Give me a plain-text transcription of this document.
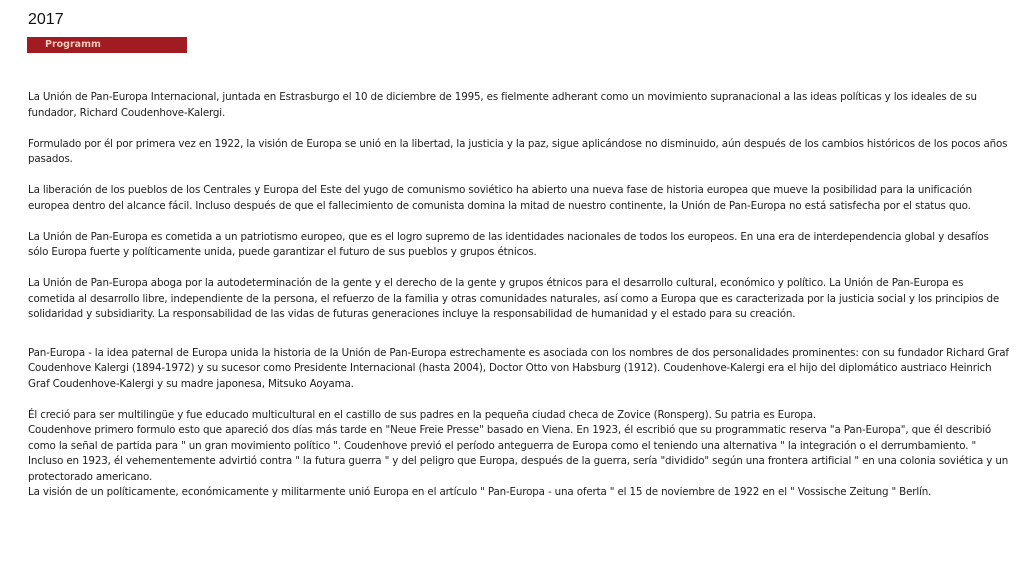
2017
Programm

La Unión de Pan-Europa Internacional, juntada en Estrasburgo el 10 de diciembre de 1995, es fielmente adherant como un movimiento supranacional a las ideas políticas y los ideales de su fundador, Richard Coudenhove-Kalergi.

Formulado por él por primera vez en 1922, la visión de Europa se unió en la libertad, la justicia y la paz, sigue aplicándose no disminuido, aún después de los cambios históricos de los pocos años pasados.

La liberación de los pueblos de los Centrales y Europa del Este del yugo de comunismo soviético ha abierto una nueva fase de historia europea que mueve la posibilidad para la unificación europea dentro del alcance fácil. Incluso después de que el fallecimiento de comunista domina la mitad de nuestro continente, la Unión de Pan-Europa no está satisfecha por el status quo.

La Unión de Pan-Europa es cometida a un patriotismo europeo, que es el logro supremo de las identidades nacionales de todos los europeos. En una era de interdependencia global y desafíos sólo Europa fuerte y políticamente unida, puede garantizar el futuro de sus pueblos y grupos étnicos.

La Unión de Pan-Europa aboga por la autodeterminación de la gente y el derecho de la gente y grupos étnicos para el desarrollo cultural, económico y político. La Unión de Pan-Europa es cometida al desarrollo libre, independiente de la persona, el refuerzo de la familia y otras comunidades naturales, así como a Europa que es caracterizada por la justicia social y los principios de solidaridad y subsidiarity. La responsabilidad de las vidas de futuras generaciones incluye la responsabilidad de humanidad y el estado para su creación.

Pan-Europa - la idea paternal de Europa unida la historia de la Unión de Pan-Europa estrechamente es asociada con los nombres de dos personalidades prominentes: con su fundador Richard Graf Coudenhove Kalergi (1894-1972) y su sucesor como Presidente Internacional (hasta 2004), Doctor Otto von Habsburg (1912). Coudenhove-Kalergi era el hijo del diplomático austriaco Heinrich Graf Coudenhove-Kalergi y su madre japonesa, Mitsuko Aoyama.

Él creció para ser multilingüe y fue educado multicultural en el castillo de sus padres en la pequeña ciudad checa de Zovice (Ronsperg). Su patria es Europa.

Coudenhove primero formulo esto que apareció dos días más tarde en "Neue Freie Presse" basado en Viena. En 1923, él escribió que su programmatic reserva "a Pan-Europa", que él describió como la señal de partida para " un gran movimiento político ". Coudenhove previó el período anteguerra de Europa como el teniendo una alternativa " la integración o el derrumbamiento. " Incluso en 1923, él vehementemente advirtió contra " la futura guerra " y del peligro que Europa, después de la guerra, sería "dividido" según una frontera artificial " en una colonia soviética y un protectorado americano.

La visión de un políticamente, económicamente y militarmente unió Europa en el artículo " Pan-Europa - una oferta " el 15 de noviembre de 1922 en el " Vossische Zeitung " Berlín.
